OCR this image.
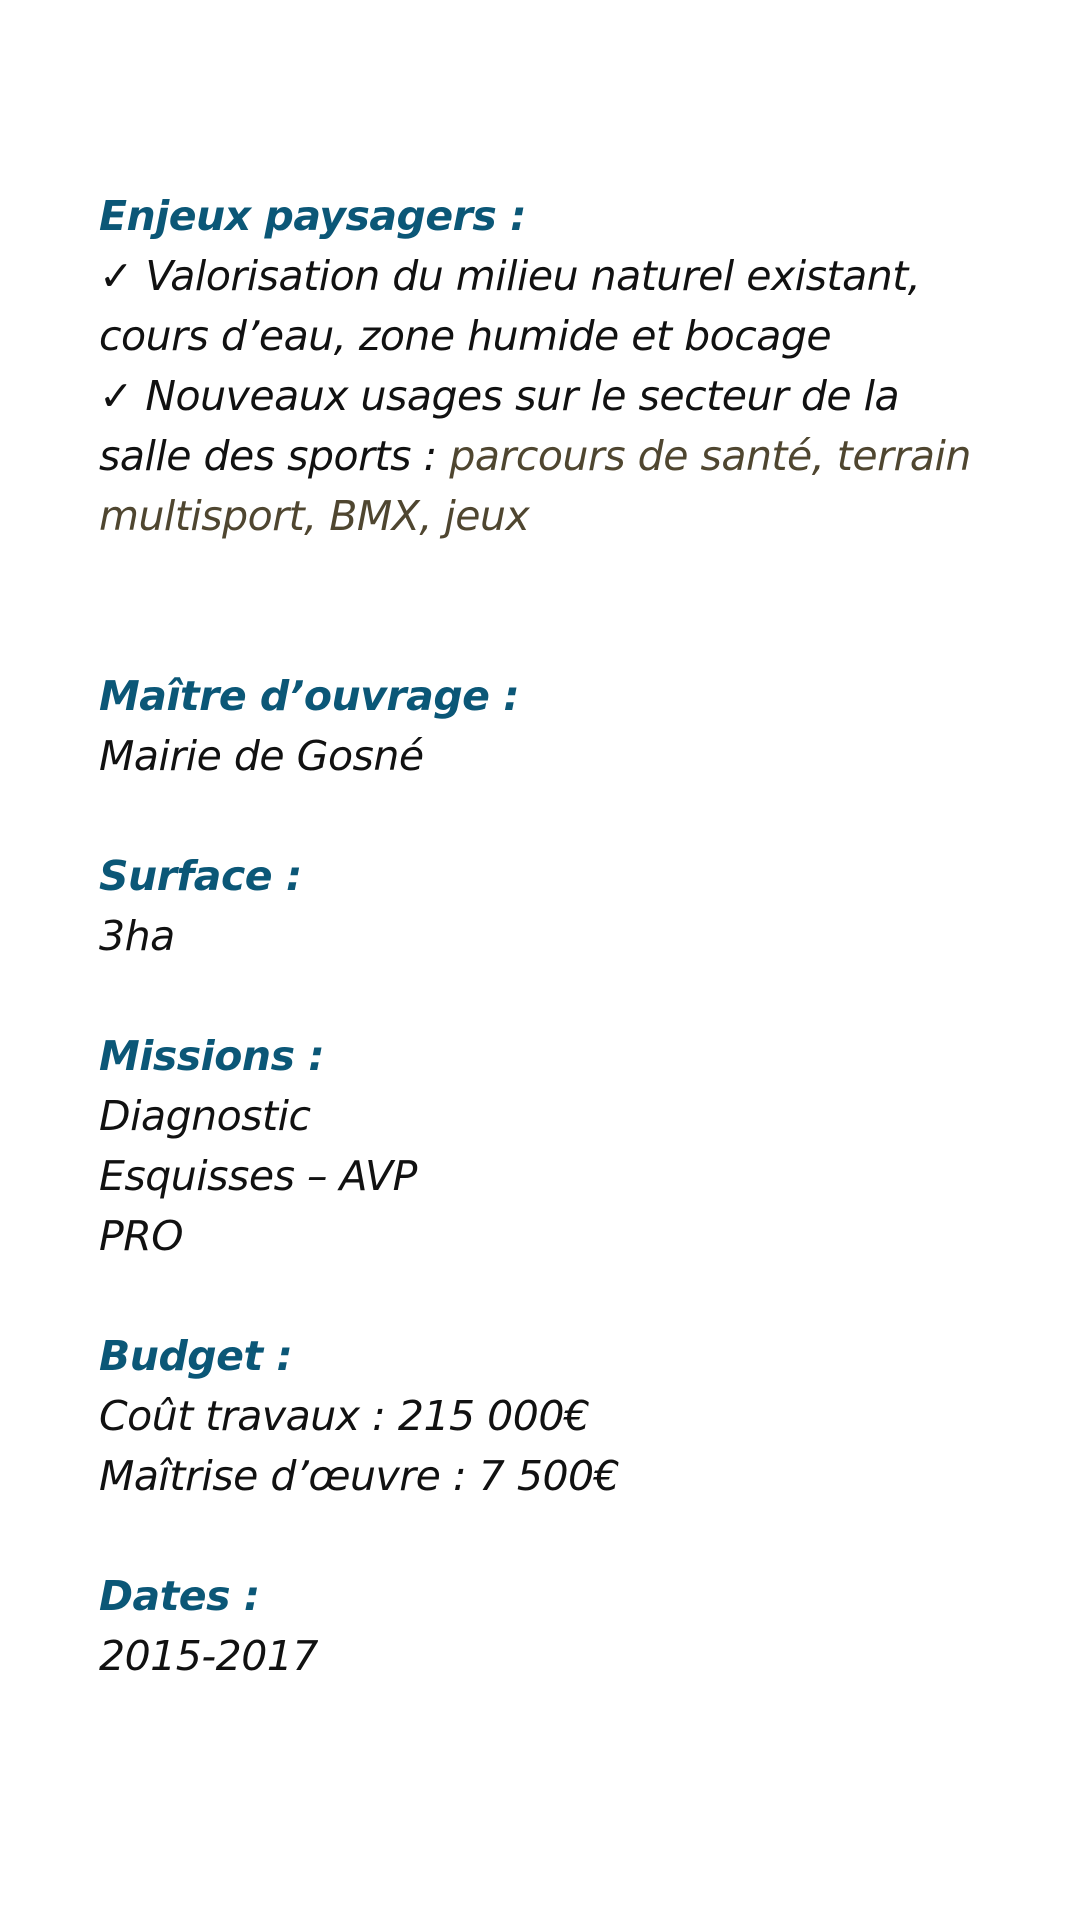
Enjeux paysagers :
✓ Valorisation du milieu naturel existant, cours d’eau, zone humide et bocage
✓ Nouveaux usages sur le secteur de la salle des sports : parcours de santé, terrain multisport, BMX, jeux
Maître d’ouvrage :
Mairie de Gosné
Surface :
3ha
Missions :
Diagnostic
Esquisses – AVP
PRO
Budget :
Coût travaux : 215 000€
Maîtrise d’œuvre : 7 500€
Dates :
2015-2017
